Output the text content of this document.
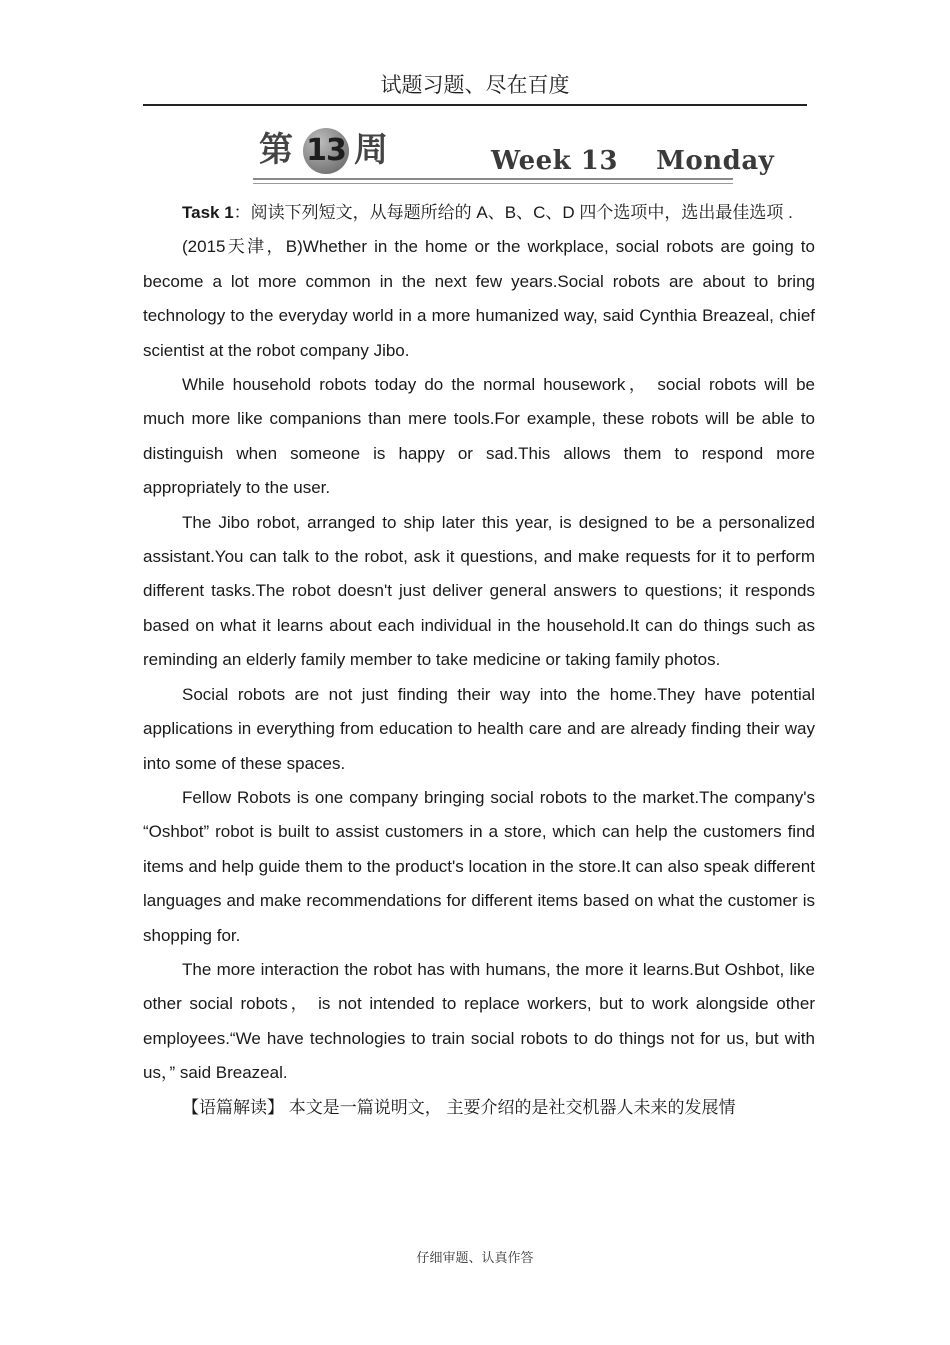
试题习题、尽在百度
第 13 周	Week 13    Monday

Task 1：阅读下列短文，从每题所给的 A、B、C、D 四个选项中，选出最佳选项 .

(2015天津，B)Whether in the home or the workplace, social robots are going to become a lot more common in the next few years.Social robots are about to bring technology to the everyday world in a more humanized way, said Cynthia Breazeal, chief scientist at the robot company Jibo.

While household robots today do the normal housework， social robots will be much more like companions than mere tools.For example, these robots will be able to distinguish when someone is happy or sad.This allows them to respond more appropriately to the user.

The Jibo robot, arranged to ship later this year, is designed to be a personalized assistant.You can talk to the robot, ask it questions, and make requests for it to perform different tasks.The robot doesn't just deliver general answers to questions; it responds based on what it learns about each individual in the household.It can do things such as reminding an elderly family member to take medicine or taking family photos.

Social robots are not just finding their way into the home.They have potential applications in everything from education to health care and are already finding their way into some of these spaces.

Fellow Robots is one company bringing social robots to the market.The company's “Oshbot” robot is built to assist customers in a store, which can help the customers find items and help guide them to the product's location in the store.It can also speak different languages and make recommendations for different items based on what the customer is shopping for.

The more interaction the robot has with humans, the more it learns.But Oshbot, like other social robots， is not intended to replace workers, but to work alongside other employees.“We have technologies to train social robots to do things not for us, but with us，” said Breazeal.

【语篇解读】 本文是一篇说明文， 主要介绍的是社交机器人未来的发展情

仔细审题、认真作答
